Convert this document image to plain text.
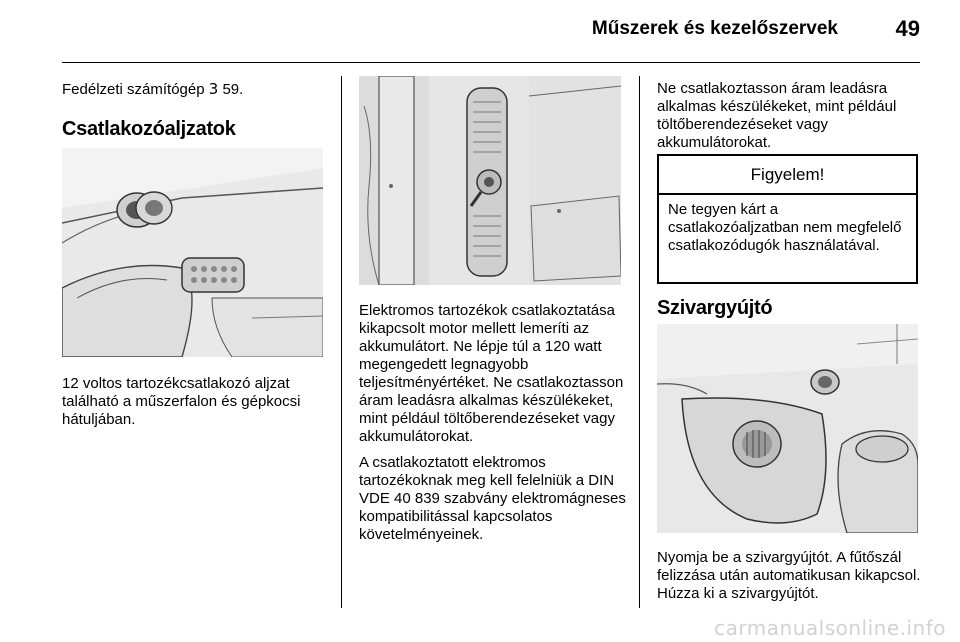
Műszerek és kezelőszervek	49
Fedélzeti számítógép 3 59.
Csatlakozóaljzatok
12 voltos tartozékcsatlakozó aljzat található a műszerfalon és gépkocsi hátuljában.

Elektromos tartozékok csatlakoztatása kikapcsolt motor mellett lemeríti az akkumulátort. Ne lépje túl a 120 watt megengedett legnagyobb teljesítményértéket. Ne csatlakoztasson áram leadásra alkalmas készülékeket, mint például töltőberendezéseket vagy akkumulátorokat.

A csatlakoztatott elektromos tartozékoknak meg kell felelniük a DIN VDE 40 839 szabvány elektromágneses kompatibilitással kapcsolatos követelményeinek.

Ne csatlakoztasson áram leadásra alkalmas készülékeket, mint például töltőberendezéseket vagy akkumulátorokat.
Figyelem!
Ne tegyen kárt a csatlakozóaljzatban nem megfelelő csatlakozódugók használatával.
Szivargyújtó
Nyomja be a szivargyújtót. A fűtőszál felizzása után automatikusan kikapcsol. Húzza ki a szivargyújtót.
carmanualsonline.info
